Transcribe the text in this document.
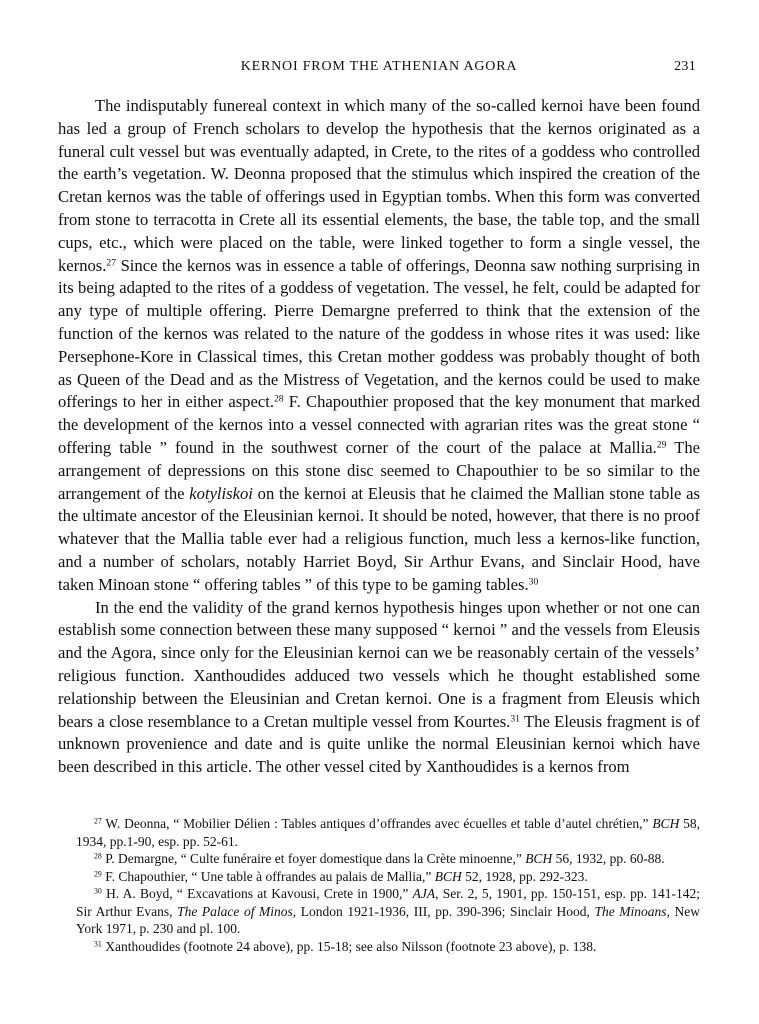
KERNOI FROM THE ATHENIAN AGORA	231

The indisputably funereal context in which many of the so-called kernoi have been found has led a group of French scholars to develop the hypothesis that the kernos originated as a funeral cult vessel but was eventually adapted, in Crete, to the rites of a goddess who controlled the earth’s vegetation. W. Deonna proposed that the stimulus which inspired the creation of the Cretan kernos was the table of offerings used in Egyptian tombs. When this form was converted from stone to terracotta in Crete all its essential elements, the base, the table top, and the small cups, etc., which were placed on the table, were linked together to form a single vessel, the kernos.$^{27}$ Since the kernos was in essence a table of offerings, Deonna saw nothing surprising in its being adapted to the rites of a goddess of vegetation. The vessel, he felt, could be adapted for any type of multiple offering. Pierre Demargne preferred to think that the extension of the function of the kernos was related to the nature of the goddess in whose rites it was used: like Persephone-Kore in Classical times, this Cretan mother goddess was probably thought of both as Queen of the Dead and as the Mistress of Vegetation, and the kernos could be used to make offerings to her in either aspect.$^{28}$ F. Chapouthier proposed that the key monument that marked the development of the kernos into a vessel connected with agrarian rites was the great stone “ offering table ” found in the southwest corner of the court of the palace at Mallia.$^{29}$ The arrangement of depressions on this stone disc seemed to Chapouthier to be so similar to the arrangement of the kotyliskoi on the kernoi at Eleusis that he claimed the Mallian stone table as the ultimate ancestor of the Eleusinian kernoi. It should be noted, however, that there is no proof whatever that the Mallia table ever had a religious function, much less a kernos-like function, and a number of scholars, notably Harriet Boyd, Sir Arthur Evans, and Sinclair Hood, have taken Minoan stone “ offering tables ” of this type to be gaming tables.$^{30}$

In the end the validity of the grand kernos hypothesis hinges upon whether or not one can establish some connection between these many supposed “ kernoi ” and the vessels from Eleusis and the Agora, since only for the Eleusinian kernoi can we be reasonably certain of the vessels’ religious function. Xanthoudides adduced two vessels which he thought established some relationship between the Eleusinian and Cretan kernoi. One is a fragment from Eleusis which bears a close resemblance to a Cretan multiple vessel from Kourtes.$^{31}$ The Eleusis fragment is of unknown provenience and date and is quite unlike the normal Eleusinian kernoi which have been described in this article. The other vessel cited by Xanthoudides is a kernos from

$^{27}$ W. Deonna, “ Mobilier Délien : Tables antiques d’offrandes avec écuelles et table d’autel chrétien,” BCH 58, 1934, pp.1-90, esp. pp. 52-61.
$^{28}$ P. Demargne, “ Culte funéraire et foyer domestique dans la Crète minoenne,” BCH 56, 1932, pp. 60-88.
$^{29}$ F. Chapouthier, “ Une table à offrandes au palais de Mallia,” BCH 52, 1928, pp. 292-323.
$^{30}$ H. A. Boyd, “ Excavations at Kavousi, Crete in 1900,” AJA, Ser. 2, 5, 1901, pp. 150-151, esp. pp. 141-142; Sir Arthur Evans, The Palace of Minos, London 1921-1936, III, pp. 390-396; Sinclair Hood, The Minoans, New York 1971, p. 230 and pl. 100.
$^{31}$ Xanthoudides (footnote 24 above), pp. 15-18; see also Nilsson (footnote 23 above), p. 138.
